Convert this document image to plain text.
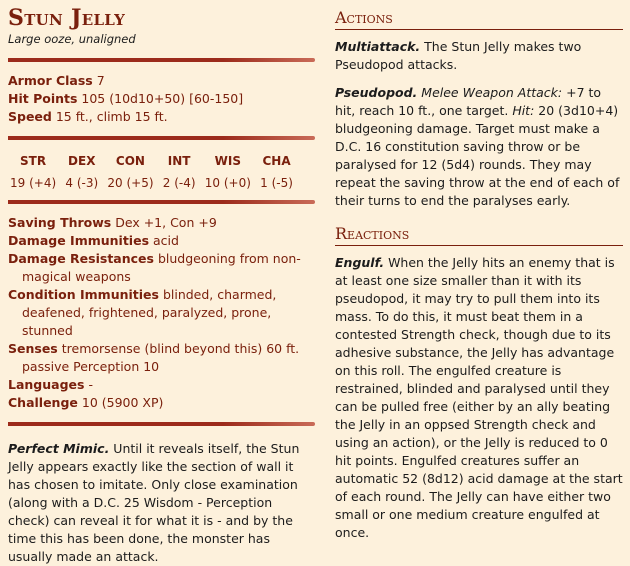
Stun Jelly
Large ooze, unaligned
Armor Class 7
Hit Points 105 (10d10+50) [60-150]
Speed 15 ft., climb 15 ft.
STR
19 (+4)
DEX
4 (-3)
CON
20 (+5)
INT
2 (-4)
WIS
10 (+0)
CHA
1 (-5)
Saving Throws Dex +1, Con +9
Damage Immunities acid
Damage Resistances bludgeoning from non-magical weapons
Condition Immunities blinded, charmed, deafened, frightened, paralyzed, prone, stunned
Senses tremorsense (blind beyond this) 60 ft. passive Perception 10
Languages -
Challenge 10 (5900 XP)

Perfect Mimic. Until it reveals itself, the Stun Jelly appears exactly like the section of wall it has chosen to imitate. Only close examination (along with a D.C. 25 Wisdom - Perception check) can reveal it for what it is - and by the time this has been done, the monster has usually made an attack.

Actions

Multiattack. The Stun Jelly makes two Pseudopod attacks.

Pseudopod. Melee Weapon Attack: +7 to hit, reach 10 ft., one target. Hit: 20 (3d10+4) bludgeoning damage. Target must make a D.C. 16 constitution saving throw or be paralysed for 12 (5d4) rounds. They may repeat the saving throw at the end of each of their turns to end the paralyses early.

Reactions

Engulf. When the Jelly hits an enemy that is at least one size smaller than it with its pseudopod, it may try to pull them into its mass. To do this, it must beat them in a contested Strength check, though due to its adhesive substance, the Jelly has advantage on this roll. The engulfed creature is restrained, blinded and paralysed until they can be pulled free (either by an ally beating the Jelly in an oppsed Strength check and using an action), or the Jelly is reduced to 0 hit points. Engulfed creatures suffer an automatic 52 (8d12) acid damage at the start of each round. The Jelly can have either two small or one medium creature engulfed at once.
